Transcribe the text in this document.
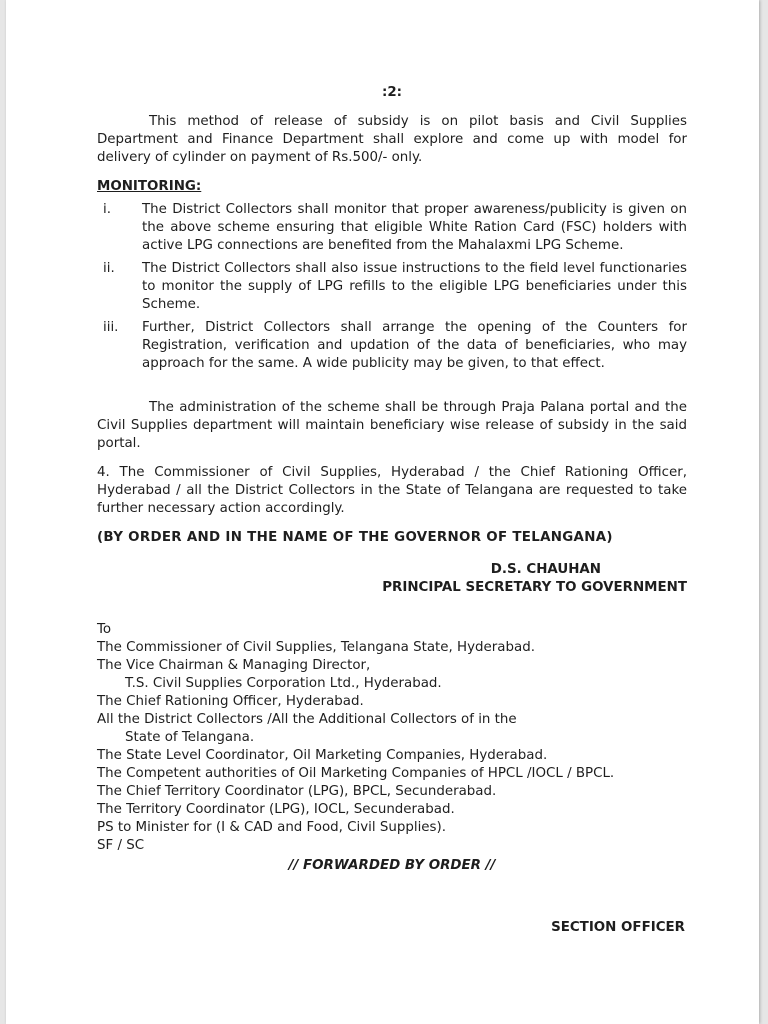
:2:

This method of release of subsidy is on pilot basis and Civil Supplies Department and Finance Department shall explore and come up with model for delivery of cylinder on payment of Rs.500/- only.

MONITORING:
i. The District Collectors shall monitor that proper awareness/publicity is given on the above scheme ensuring that eligible White Ration Card (FSC) holders with active LPG connections are benefited from the Mahalaxmi LPG Scheme.
ii. The District Collectors shall also issue instructions to the field level functionaries to monitor the supply of LPG refills to the eligible LPG beneficiaries under this Scheme.
iii. Further, District Collectors shall arrange the opening of the Counters for Registration, verification and updation of the data of beneficiaries, who may approach for the same. A wide publicity may be given, to that effect.

The administration of the scheme shall be through Praja Palana portal and the Civil Supplies department will maintain beneficiary wise release of subsidy in the said portal.

4. The Commissioner of Civil Supplies, Hyderabad / the Chief Rationing Officer, Hyderabad / all the District Collectors in the State of Telangana are requested to take further necessary action accordingly.

(BY ORDER AND IN THE NAME OF THE GOVERNOR OF TELANGANA)
D.S. CHAUHAN
PRINCIPAL SECRETARY TO GOVERNMENT
To
The Commissioner of Civil Supplies, Telangana State, Hyderabad.
The Vice Chairman & Managing Director,
T.S. Civil Supplies Corporation Ltd., Hyderabad.
The Chief Rationing Officer, Hyderabad.
All the District Collectors /All the Additional Collectors of in the
State of Telangana.
The State Level Coordinator, Oil Marketing Companies, Hyderabad.
The Competent authorities of Oil Marketing Companies of HPCL /IOCL / BPCL.
The Chief Territory Coordinator (LPG), BPCL, Secunderabad.
The Territory Coordinator (LPG), IOCL, Secunderabad.
PS to Minister for (I & CAD and Food, Civil Supplies).
SF / SC
// FORWARDED BY ORDER //
SECTION OFFICER
